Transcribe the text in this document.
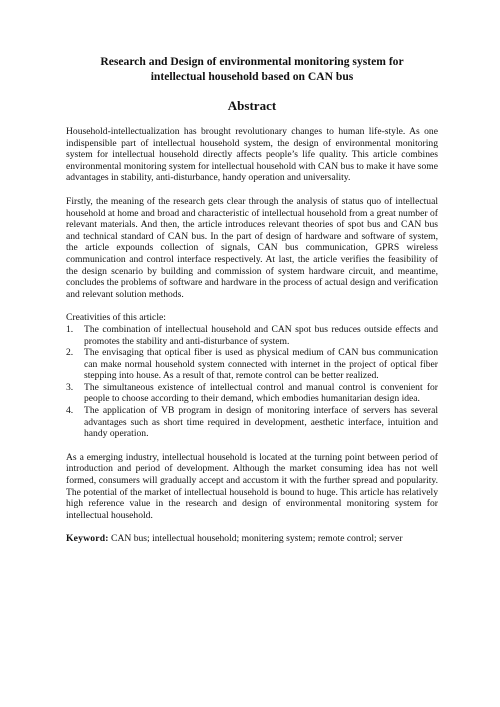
Research and Design of environmental monitoring system for
intellectual household based on CAN bus
Abstract

Household-intellectualization has brought revolutionary changes to human life-style. As one indispensible part of intellectual household system, the design of environmental monitoring system for intellectual household directly affects people’s life quality. This article combines environmental monitoring system for intellectual household with CAN bus to make it have some advantages in stability, anti-disturbance, handy operation and universality.

Firstly, the meaning of the research gets clear through the analysis of status quo of intellectual household at home and broad and characteristic of intellectual household from a great number of relevant materials. And then, the article introduces relevant theories of spot bus and CAN bus and technical standard of CAN bus. In the part of design of hardware and software of system, the article expounds collection of signals, CAN bus communication, GPRS wireless communication and control interface respectively. At last, the article verifies the feasibility of the design scenario by building and commission of system hardware circuit, and meantime, concludes the problems of software and hardware in the process of actual design and verification and relevant solution methods.

Creativities of this article:

1.	The combination of intellectual household and CAN spot bus reduces outside effects and promotes the stability and anti-disturbance of system.
2.	The envisaging that optical fiber is used as physical medium of CAN bus communication can make normal household system connected with internet in the project of optical fiber stepping into house. As a result of that, remote control can be better realized.
3.	The simultaneous existence of intellectual control and manual control is convenient for people to choose according to their demand, which embodies humanitarian design idea.
4.	The application of VB program in design of monitoring interface of servers has several advantages such as short time required in development, aesthetic interface, intuition and handy operation.

As a emerging industry, intellectual household is located at the turning point between period of introduction and period of development. Although the market consuming idea has not well formed, consumers will gradually accept and accustom it with the further spread and popularity. The potential of the market of intellectual household is bound to huge. This article has relatively high reference value in the research and design of environmental monitoring system for intellectual household.

Keyword: CAN bus; intellectual household; monitering system; remote control; server
